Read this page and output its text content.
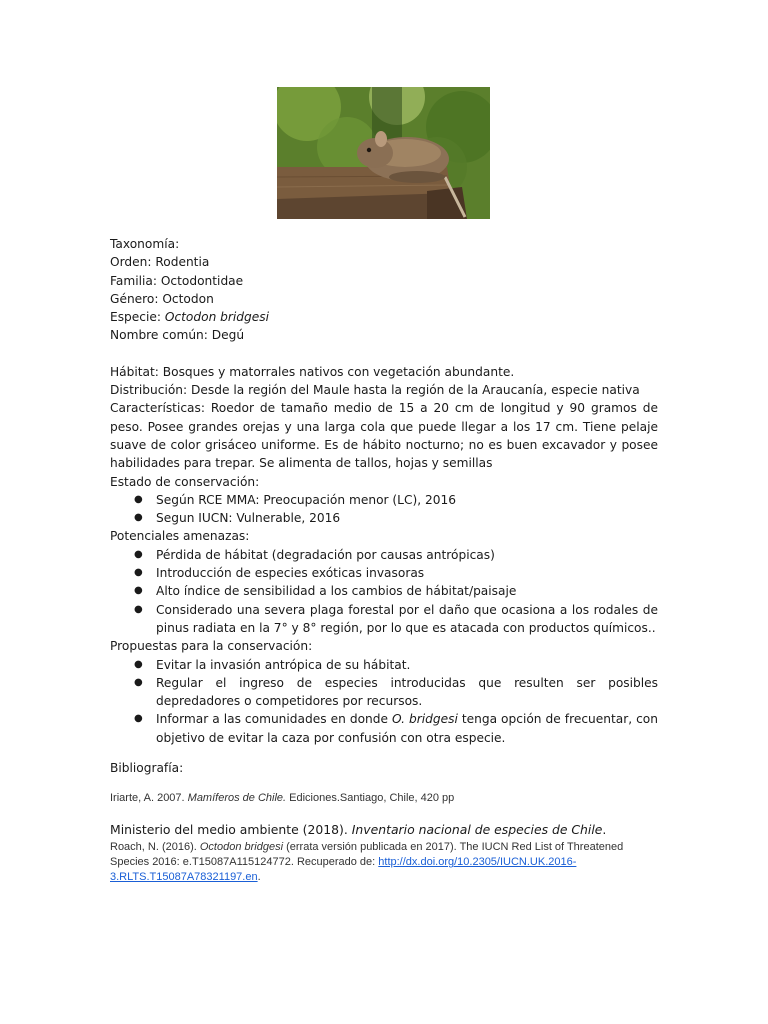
Taxonomía:

Orden: Rodentia

Familia: Octodontidae

Género: Octodon

Especie: Octodon bridgesi

Nombre común: Degú

Hábitat: Bosques y matorrales nativos con vegetación abundante.

Distribución: Desde la región del Maule hasta la región de la Araucanía, especie nativa

Características: Roedor de tamaño medio de 15 a 20 cm de longitud y 90 gramos de peso. Posee grandes orejas y una larga cola que puede llegar a los 17 cm. Tiene pelaje suave de color grisáceo uniforme. Es de hábito nocturno; no es buen excavador y posee habilidades para trepar. Se alimenta de tallos, hojas y semillas

Estado de conservación:

● Según RCE MMA: Preocupación menor (LC), 2016
● Segun IUCN: Vulnerable, 2016

Potenciales amenazas:

● Pérdida de hábitat (degradación por causas antrópicas)
● Introducción de especies exóticas invasoras
● Alto índice de sensibilidad a los cambios de hábitat/paisaje
● Considerado una severa plaga forestal por el daño que ocasiona a los rodales de pinus radiata en la 7° y 8° región, por lo que es atacada con productos químicos..

Propuestas para la conservación:

● Evitar la invasión antrópica de su hábitat.
● Regular el ingreso de especies introducidas que resulten ser posibles depredadores o competidores por recursos.
● Informar a las comunidades en donde O. bridgesi tenga opción de frecuentar, con objetivo de evitar la caza por confusión con otra especie.

Bibliografía:

Iriarte, A. 2007. Mamíferos de Chile. Ediciones.Santiago, Chile, 420 pp

Ministerio del medio ambiente (2018). Inventario nacional de especies de Chile.

Roach, N. (2016). Octodon bridgesi (errata versión publicada en 2017). The IUCN Red List of Threatened Species 2016: e.T15087A115124772. Recuperado de: http://dx.doi.org/10.2305/IUCN.UK.2016-3.RLTS.T15087A78321197.en.
